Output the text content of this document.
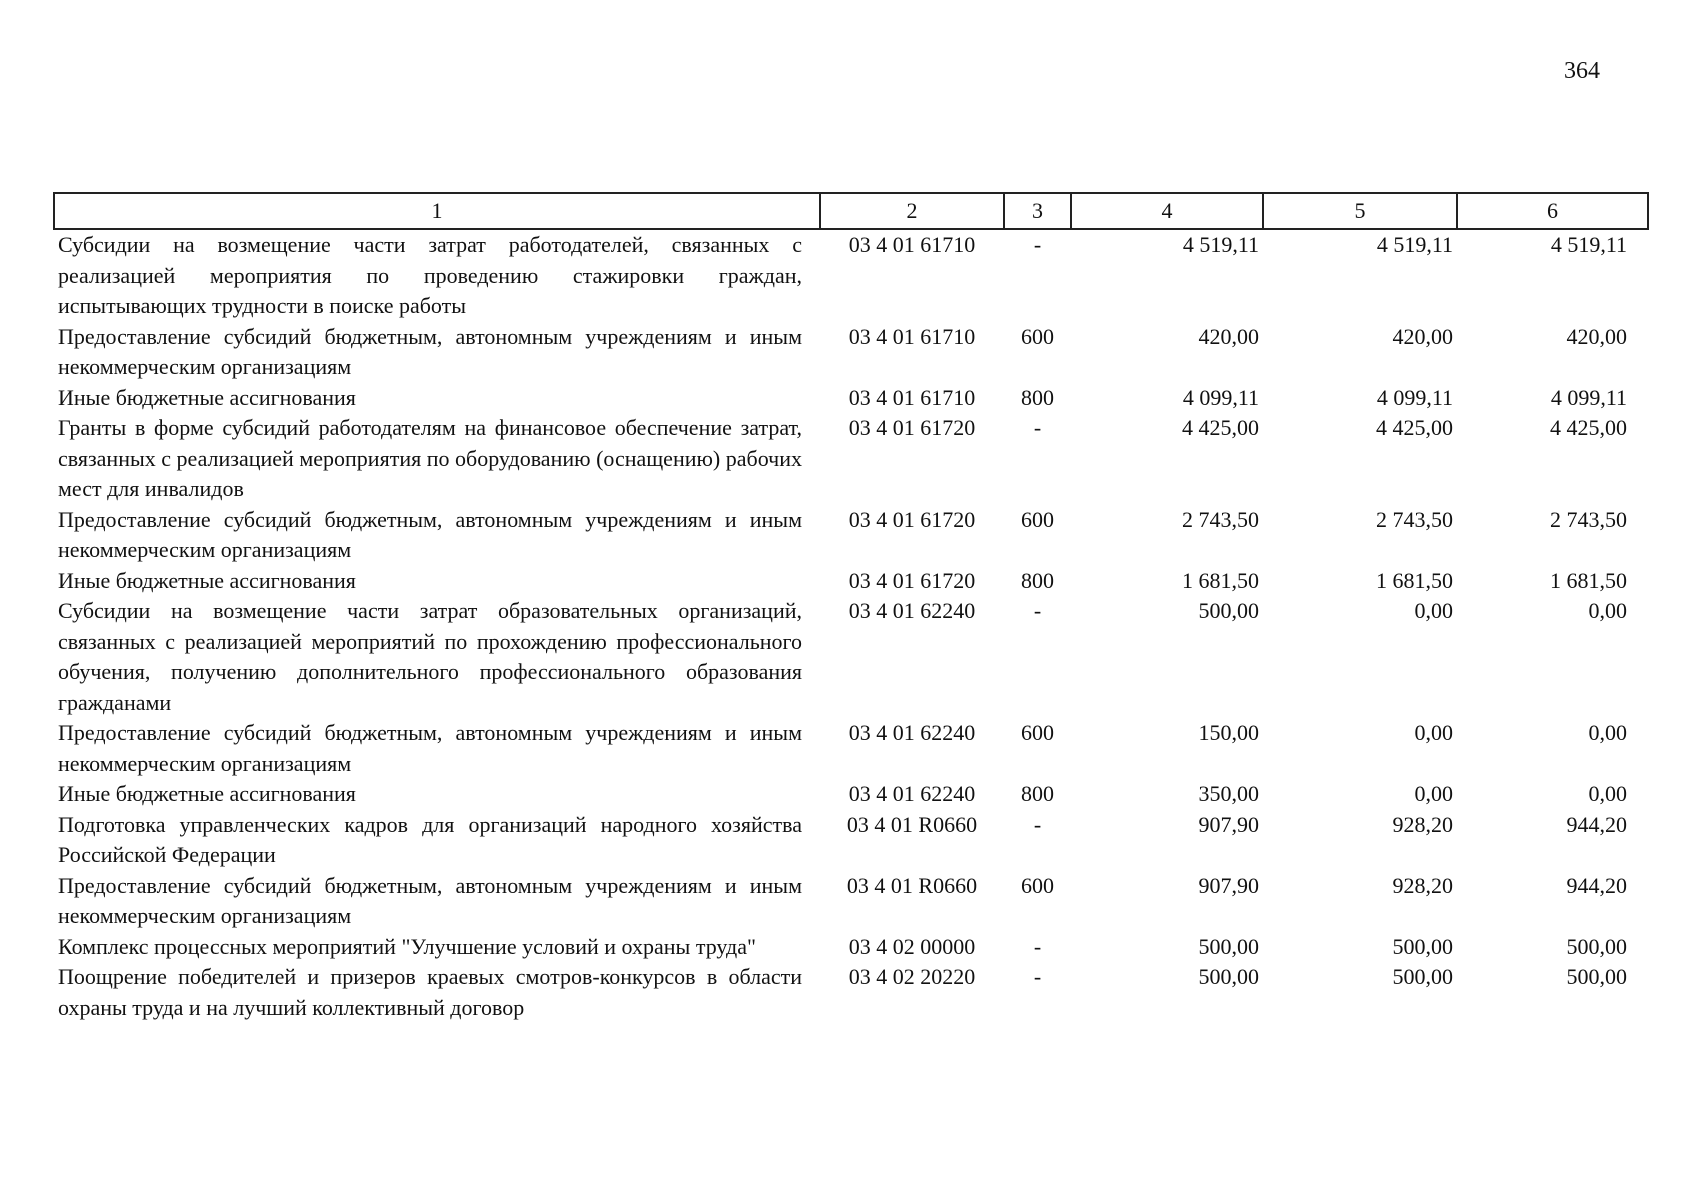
364
1	2	3	4	5	6
Субсидии на возмещение части затрат работодателей, связанных с реализацией мероприятия по проведению стажировки граждан, испытывающих трудности в поиске работы	03 4 01 61710	-	4 519,11	4 519,11	4 519,11
Предоставление субсидий бюджетным, автономным учреждениям и иным некоммерческим организациям	03 4 01 61710	600	420,00	420,00	420,00
Иные бюджетные ассигнования	03 4 01 61710	800	4 099,11	4 099,11	4 099,11
Гранты в форме субсидий работодателям на финансовое обеспечение затрат, связанных с реализацией мероприятия по оборудованию (оснащению) рабочих мест для инвалидов	03 4 01 61720	-	4 425,00	4 425,00	4 425,00
Предоставление субсидий бюджетным, автономным учреждениям и иным некоммерческим организациям	03 4 01 61720	600	2 743,50	2 743,50	2 743,50
Иные бюджетные ассигнования	03 4 01 61720	800	1 681,50	1 681,50	1 681,50
Субсидии на возмещение части затрат образовательных организаций, связанных с реализацией мероприятий по прохождению профессионального обучения, получению дополнительного профессионального образования гражданами	03 4 01 62240	-	500,00	0,00	0,00
Предоставление субсидий бюджетным, автономным учреждениям и иным некоммерческим организациям	03 4 01 62240	600	150,00	0,00	0,00
Иные бюджетные ассигнования	03 4 01 62240	800	350,00	0,00	0,00
Подготовка управленческих кадров для организаций народного хозяйства Российской Федерации	03 4 01 R0660	-	907,90	928,20	944,20
Предоставление субсидий бюджетным, автономным учреждениям и иным некоммерческим организациям	03 4 01 R0660	600	907,90	928,20	944,20
Комплекс процессных мероприятий "Улучшение условий и охраны труда"	03 4 02 00000	-	500,00	500,00	500,00
Поощрение победителей и призеров краевых смотров-конкурсов в области охраны труда и на лучший коллективный договор	03 4 02 20220	-	500,00	500,00	500,00
